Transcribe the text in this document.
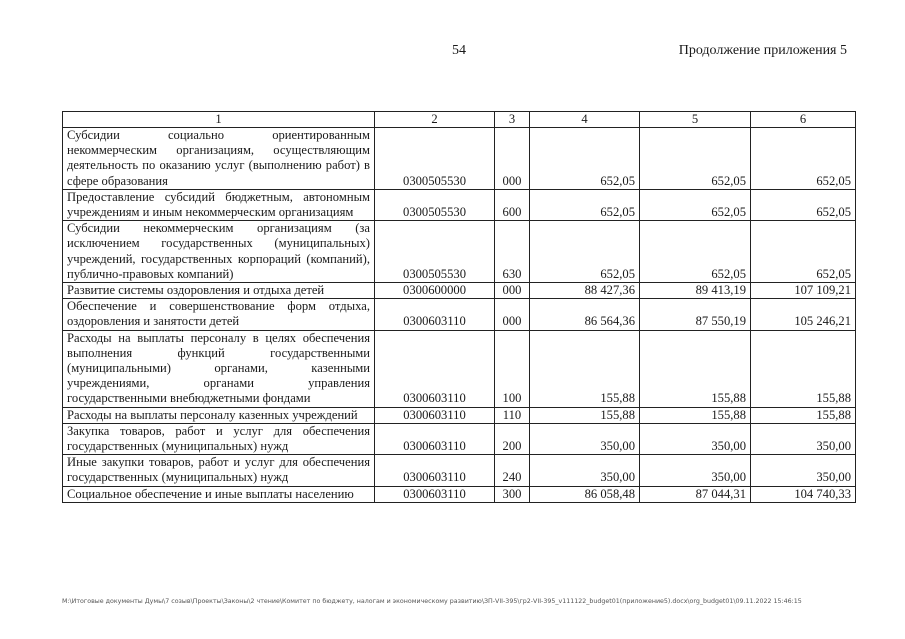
54	Продолжение приложения 5
1	2	3	4	5	6
Субсидии социально ориентированным некоммерческим организациям, осуществляющим деятельность по оказанию услуг (выполнению работ) в сфере образования	0300505530	000	652,05	652,05	652,05
Предоставление субсидий бюджетным, автономным учреждениям и иным некоммерческим организациям	0300505530	600	652,05	652,05	652,05
Субсидии некоммерческим организациям (за исключением государственных (муниципальных) учреждений, государственных корпораций (компаний), публично-правовых компаний)	0300505530	630	652,05	652,05	652,05
Развитие системы оздоровления и отдыха детей	0300600000	000	88 427,36	89 413,19	107 109,21
Обеспечение и совершенствование форм отдыха, оздоровления и занятости детей	0300603110	000	86 564,36	87 550,19	105 246,21
Расходы на выплаты персоналу в целях обеспечения выполнения функций государственными (муниципальными) органами, казенными учреждениями, органами управления государственными внебюджетными фондами	0300603110	100	155,88	155,88	155,88
Расходы на выплаты персоналу казенных учреждений	0300603110	110	155,88	155,88	155,88
Закупка товаров, работ и услуг для обеспечения государственных (муниципальных) нужд	0300603110	200	350,00	350,00	350,00
Иные закупки товаров, работ и услуг для обеспечения государственных (муниципальных) нужд	0300603110	240	350,00	350,00	350,00
Социальное обеспечение и иные выплаты населению	0300603110	300	86 058,48	87 044,31	104 740,33
M:\Итоговые документы Думы\7 созыв\Проекты\Законы\2 чтение\Комитет по бюджету, налогам и экономическому развитию\ЗП-VII-395\гр2-VII-395_v111122_budget01(приложение5).docx\org_budget01\09.11.2022 15:46:15
